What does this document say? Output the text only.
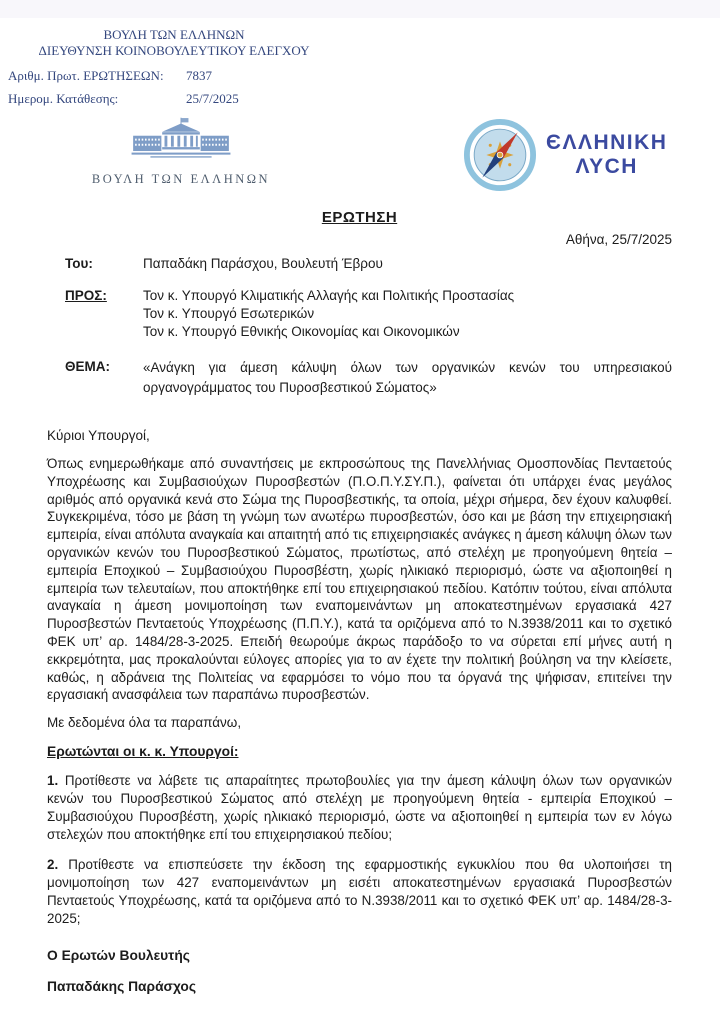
ΒΟΥΛΗ ΤΩΝ ΕΛΛΗΝΩΝ
ΔΙΕΥΘΥΝΣΗ ΚΟΙΝΟΒΟΥΛΕΥΤΙΚΟΥ ΕΛΕΓΧΟΥ
Αριθμ. Πρωτ. ΕΡΩΤΗΣΕΩΝ: 7837
Ημερομ. Κατάθεσης:	25/7/2025
ΒΟΥΛΗ ΤΩΝ ΕΛΛΗΝΩΝ
ЄΛΛΗΝΙΚΗ
ΛΥCΗ
ΕΡΩΤΗΣΗ
Αθήνα, 25/7/2025
Του:	Παπαδάκη Παράσχου, Βουλευτή Έβρου
ΠΡΟΣ:	Τον κ. Υπουργό Κλιματικής Αλλαγής και Πολιτικής Προστασίας
Τον κ. Υπουργό Εσωτερικών
Τον κ. Υπουργό Εθνικής Οικονομίας και Οικονομικών
ΘΕΜΑ:	«Ανάγκη για άμεση κάλυψη όλων των οργανικών κενών του υπηρεσιακού οργανογράμματος του Πυροσβεστικού Σώματος»

Κύριοι Υπουργοί,

Όπως ενημερωθήκαμε από συναντήσεις με εκπροσώπους της Πανελλήνιας Ομοσπονδίας Πενταετούς Υποχρέωσης και Συμβασιούχων Πυροσβεστών (Π.Ο.Π.Υ.ΣΥ.Π.), φαίνεται ότι υπάρχει ένας μεγάλος αριθμός από οργανικά κενά στο Σώμα της Πυροσβεστικής, τα οποία, μέχρι σήμερα, δεν έχουν καλυφθεί. Συγκεκριμένα, τόσο με βάση τη γνώμη των ανωτέρω πυροσβεστών, όσο και με βάση την επιχειρησιακή εμπειρία, είναι απόλυτα αναγκαία και απαιτητή από τις επιχειρησιακές ανάγκες η άμεση κάλυψη όλων των οργανικών κενών του Πυροσβεστικού Σώματος, πρωτίστως, από στελέχη με προηγούμενη θητεία – εμπειρία Εποχικού – Συμβασιούχου Πυροσβέστη, χωρίς ηλικιακό περιορισμό, ώστε να αξιοποιηθεί η εμπειρία των τελευταίων, που αποκτήθηκε επί του επιχειρησιακού πεδίου. Κατόπιν τούτου, είναι απόλυτα αναγκαία η άμεση μονιμοποίηση των εναπομεινάντων μη αποκατεστημένων εργασιακά 427 Πυροσβεστών Πενταετούς Υποχρέωσης (Π.Π.Υ.), κατά τα οριζόμενα από το Ν.3938/2011 και το σχετικό ΦΕΚ υπ’ αρ. 1484/28-3-2025. Επειδή θεωρούμε άκρως παράδοξο το να σύρεται επί μήνες αυτή η εκκρεμότητα, μας προκαλούνται εύλογες απορίες για το αν έχετε την πολιτική βούληση να την κλείσετε, καθώς, η αδράνεια της Πολιτείας να εφαρμόσει το νόμο που τα όργανά της ψήφισαν, επιτείνει την εργασιακή ανασφάλεια των παραπάνω πυροσβεστών.

Με δεδομένα όλα τα παραπάνω,

Ερωτώνται οι κ. κ. Υπουργοί:

1. Προτίθεστε να λάβετε τις απαραίτητες πρωτοβουλίες για την άμεση κάλυψη όλων των οργανικών κενών του Πυροσβεστικού Σώματος από στελέχη με προηγούμενη θητεία - εμπειρία Εποχικού – Συμβασιούχου Πυροσβέστη, χωρίς ηλικιακό περιορισμό, ώστε να αξιοποιηθεί η εμπειρία των εν λόγω στελεχών που αποκτήθηκε επί του επιχειρησιακού πεδίου;

2. Προτίθεστε να επισπεύσετε την έκδοση της εφαρμοστικής εγκυκλίου που θα υλοποιήσει τη μονιμοποίηση των 427 εναπομεινάντων μη εισέτι αποκατεστημένων εργασιακά Πυροσβεστών Πενταετούς Υποχρέωσης, κατά τα οριζόμενα από το Ν.3938/2011 και το σχετικό ΦΕΚ υπ’ αρ. 1484/28-3-2025;

Ο Ερωτών Βουλευτής

Παπαδάκης Παράσχος
